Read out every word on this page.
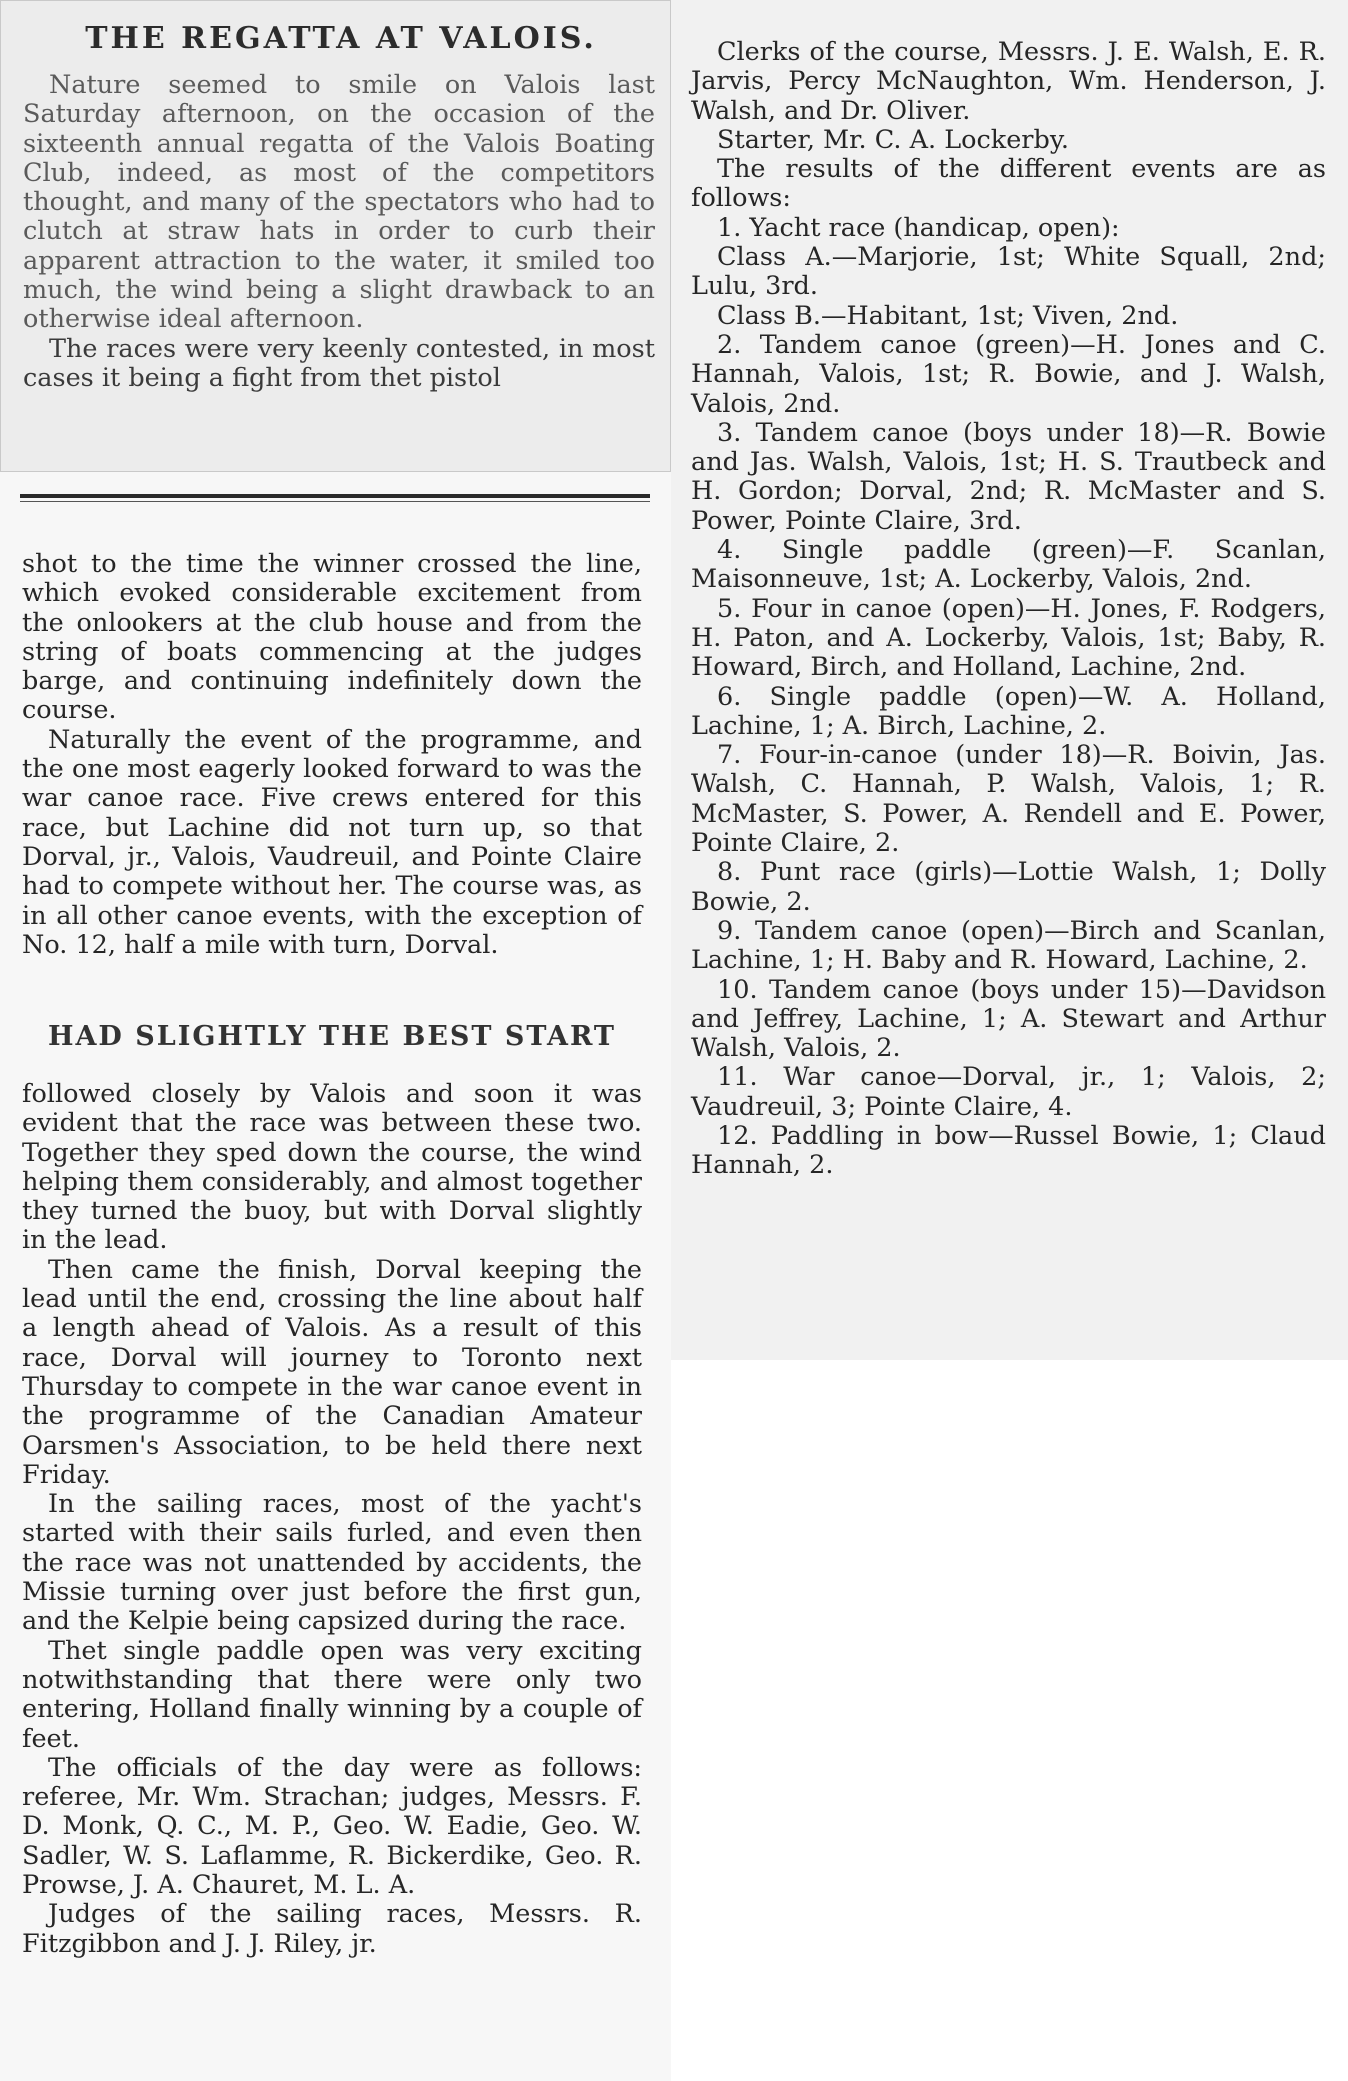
THE REGATTA AT VALOIS.

Nature seemed to smile on Valois last Saturday afternoon, on the occasion of the sixteenth annual regatta of the Valois Boating Club, indeed, as most of the competitors thought, and many of the spectators who had to clutch at straw hats in order to curb their apparent attraction to the water, it smiled too much, the wind being a slight drawback to an otherwise ideal afternoon.

The races were very keenly contested, in most cases it being a fight from thet pistol

shot to the time the winner crossed the line, which evoked considerable excitement from the onlookers at the club house and from the string of boats commencing at the judges barge, and continuing indefinitely down the course.

Naturally the event of the programme, and the one most eagerly looked forward to was the war canoe race. Five crews entered for this race, but Lachine did not turn up, so that Dorval, jr., Valois, Vaudreuil, and Pointe Claire had to compete without her. The course was, as in all other canoe events, with the exception of No. 12, half a mile with turn, Dorval.

HAD SLIGHTLY THE BEST START

followed closely by Valois and soon it was evident that the race was between these two. Together they sped down the course, the wind helping them considerably, and almost together they turned the buoy, but with Dorval slightly in the lead.

Then came the finish, Dorval keeping the lead until the end, crossing the line about half a length ahead of Valois. As a result of this race, Dorval will journey to Toronto next Thursday to compete in the war canoe event in the programme of the Canadian Amateur Oarsmen's Association, to be held there next Friday.

In the sailing races, most of the yacht's started with their sails furled, and even then the race was not unattended by accidents, the Missie turning over just before the first gun, and the Kelpie being capsized during the race.

Thet single paddle open was very exciting notwithstanding that there were only two entering, Holland finally winning by a couple of feet.

The officials of the day were as follows: referee, Mr. Wm. Strachan; judges, Messrs. F. D. Monk, Q. C., M. P., Geo. W. Eadie, Geo. W. Sadler, W. S. Laflamme, R. Bickerdike, Geo. R. Prowse, J. A. Chauret, M. L. A.

Judges of the sailing races, Messrs. R. Fitzgibbon and J. J. Riley, jr.

Clerks of the course, Messrs. J. E. Walsh, E. R. Jarvis, Percy McNaughton, Wm. Henderson, J. Walsh, and Dr. Oliver.

Starter, Mr. C. A. Lockerby.

The results of the different events are as follows:

1. Yacht race (handicap, open):

Class A.—Marjorie, 1st; White Squall, 2nd; Lulu, 3rd.

Class B.—Habitant, 1st; Viven, 2nd.

2. Tandem canoe (green)—H. Jones and C. Hannah, Valois, 1st; R. Bowie, and J. Walsh, Valois, 2nd.

3. Tandem canoe (boys under 18)—R. Bowie and Jas. Walsh, Valois, 1st; H. S. Trautbeck and H. Gordon; Dorval, 2nd; R. McMaster and S. Power, Pointe Claire, 3rd.

4. Single paddle (green)—F. Scanlan, Maisonneuve, 1st; A. Lockerby, Valois, 2nd.

5. Four in canoe (open)—H. Jones, F. Rodgers, H. Paton, and A. Lockerby, Valois, 1st; Baby, R. Howard, Birch, and Holland, Lachine, 2nd.

6. Single paddle (open)—W. A. Holland, Lachine, 1; A. Birch, Lachine, 2.

7. Four-in-canoe (under 18)—R. Boivin, Jas. Walsh, C. Hannah, P. Walsh, Valois, 1; R. McMaster, S. Power, A. Rendell and E. Power, Pointe Claire, 2.

8. Punt race (girls)—Lottie Walsh, 1; Dolly Bowie, 2.

9. Tandem canoe (open)—Birch and Scanlan, Lachine, 1; H. Baby and R. Howard, Lachine, 2.

10. Tandem canoe (boys under 15)—Davidson and Jeffrey, Lachine, 1; A. Stewart and Arthur Walsh, Valois, 2.

11. War canoe—Dorval, jr., 1; Valois, 2; Vaudreuil, 3; Pointe Claire, 4.

12. Paddling in bow—Russel Bowie, 1; Claud Hannah, 2.
